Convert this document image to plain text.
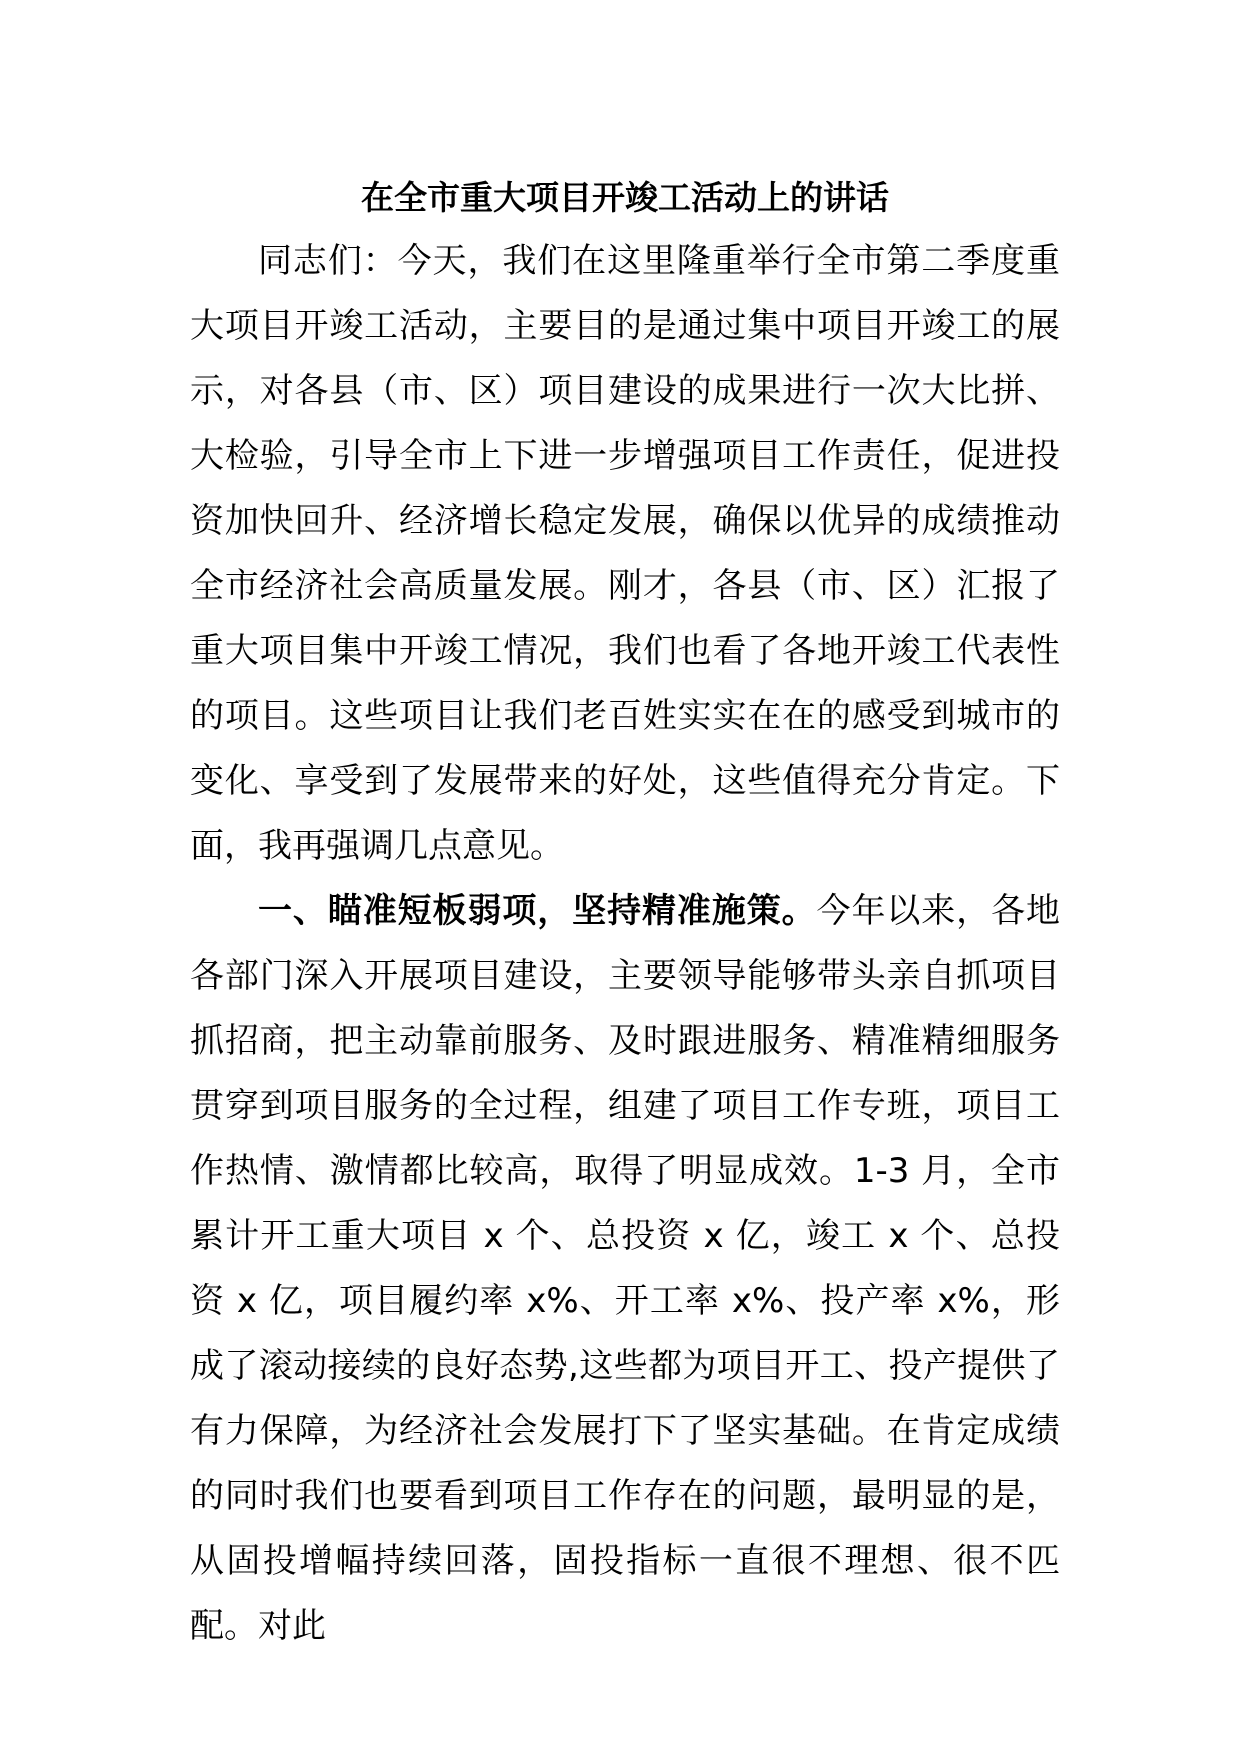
在全市重大项目开竣工活动上的讲话

同志们：今天，我们在这里隆重举行全市第二季度重大项目开竣工活动，主要目的是通过集中项目开竣工的展示，对各县（市、区）项目建设的成果进行一次大比拼、大检验，引导全市上下进一步增强项目工作责任，促进投资加快回升、经济增长稳定发展，确保以优异的成绩推动全市经济社会高质量发展。刚才，各县（市、区）汇报了重大项目集中开竣工情况，我们也看了各地开竣工代表性的项目。这些项目让我们老百姓实实在在的感受到城市的变化、享受到了发展带来的好处，这些值得充分肯定。下面，我再强调几点意见。

一、瞄准短板弱项，坚持精准施策。今年以来，各地各部门深入开展项目建设，主要领导能够带头亲自抓项目抓招商，把主动靠前服务、及时跟进服务、精准精细服务贯穿到项目服务的全过程，组建了项目工作专班，项目工作热情、激情都比较高，取得了明显成效。1-3 月，全市累计开工重大项目 x 个、总投资 x 亿，竣工 x 个、总投资 x 亿，项目履约率 x%、开工率 x%、投产率 x%，形成了滚动接续的良好态势,这些都为项目开工、投产提供了有力保障，为经济社会发展打下了坚实基础。在肯定成绩的同时我们也要看到项目工作存在的问题，最明显的是，从固投增幅持续回落，固投指标一直很不理想、很不匹配。对此
